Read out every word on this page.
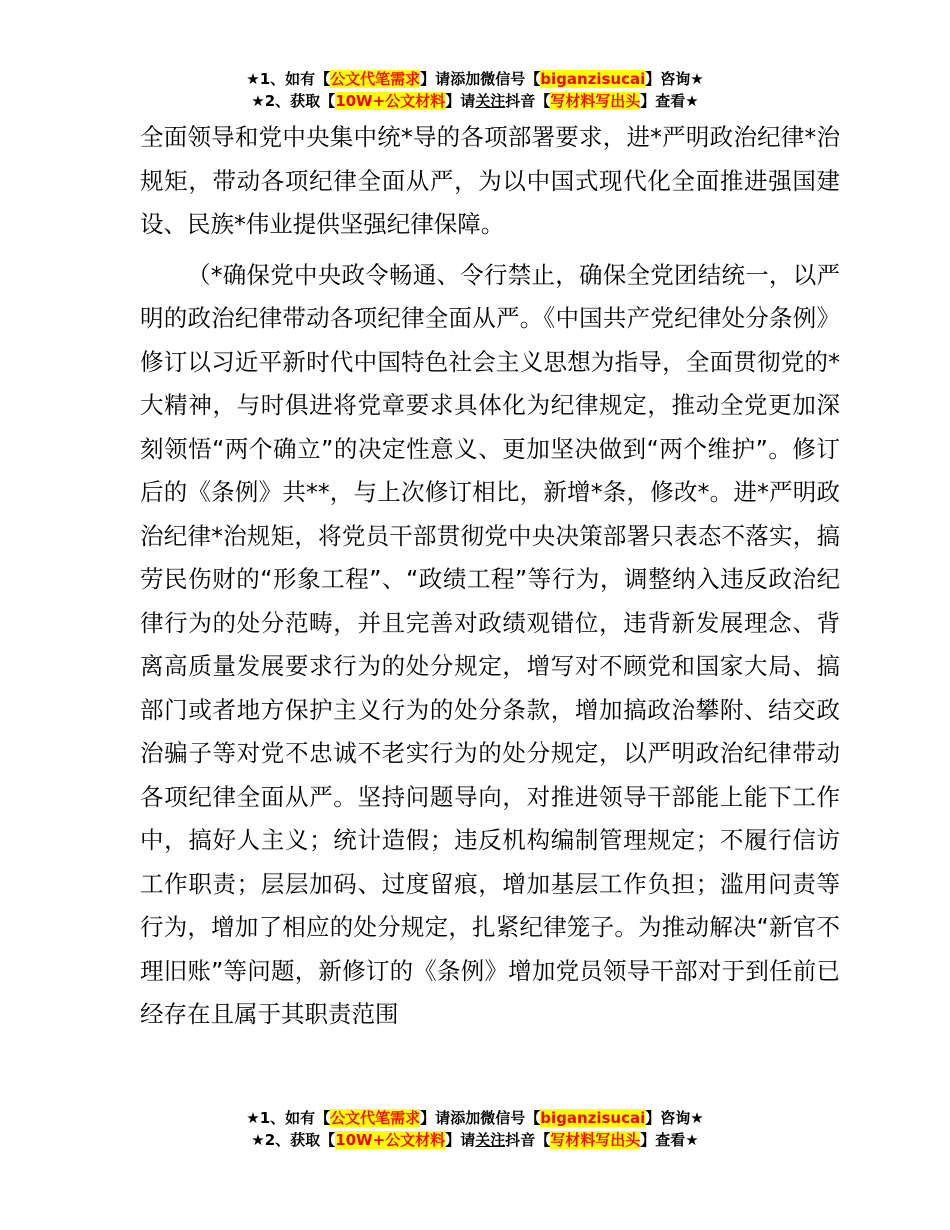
★1、如有【公文代笔需求】请添加微信号【biganzisucai】咨询★
★2、获取【10W+公文材料】请关注抖音【写材料写出头】查看★

全面领导和党中央集中统*导的各项部署要求，进*严明政治纪律*治规矩，带动各项纪律全面从严，为以中国式现代化全面推进强国建设、民族*伟业提供坚强纪律保障。

（*确保党中央政令畅通、令行禁止，确保全党团结统一，以严明的政治纪律带动各项纪律全面从严。《中国共产党纪律处分条例》修订以习近平新时代中国特色社会主义思想为指导，全面贯彻党的*大精神，与时俱进将党章要求具体化为纪律规定，推动全党更加深刻领悟“两个确立”的决定性意义、更加坚决做到“两个维护”。修订后的《条例》共**，与上次修订相比，新增*条，修改*。进*严明政治纪律*治规矩，将党员干部贯彻党中央决策部署只表态不落实，搞劳民伤财的“形象工程”、“政绩工程”等行为，调整纳入违反政治纪律行为的处分范畴，并且完善对政绩观错位，违背新发展理念、背离高质量发展要求行为的处分规定，增写对不顾党和国家大局、搞部门或者地方保护主义行为的处分条款，增加搞政治攀附、结交政治骗子等对党不忠诚不老实行为的处分规定，以严明政治纪律带动各项纪律全面从严。坚持问题导向，对推进领导干部能上能下工作中，搞好人主义；统计造假；违反机构编制管理规定；不履行信访工作职责；层层加码、过度留痕，增加基层工作负担；滥用问责等行为，增加了相应的处分规定，扎紧纪律笼子。为推动解决“新官不理旧账”等问题，新修订的《条例》增加党员领导干部对于到任前已经存在且属于其职责范围

★1、如有【公文代笔需求】请添加微信号【biganzisucai】咨询★
★2、获取【10W+公文材料】请关注抖音【写材料写出头】查看★
